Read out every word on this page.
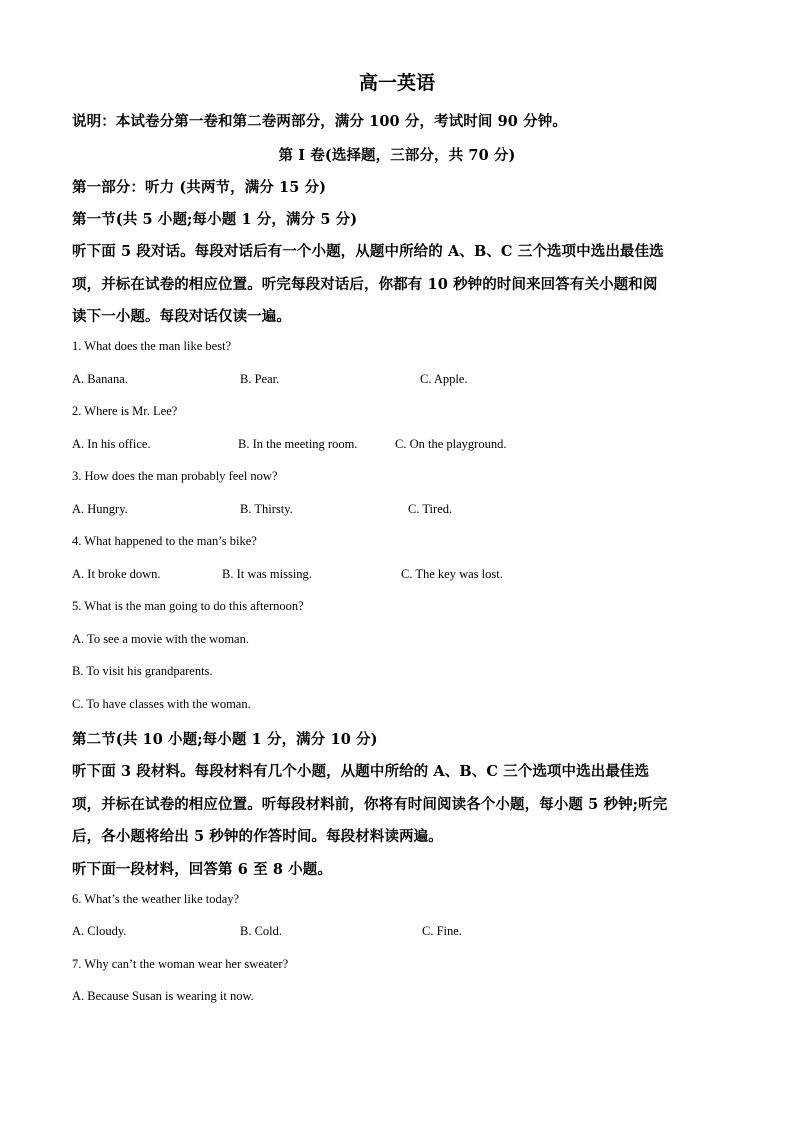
高一英语
说明：本试卷分第一卷和第二卷两部分，满分 100 分，考试时间 90 分钟。
第 I 卷(选择题，三部分，共 70 分)
第一部分：听力 (共两节，满分 15 分)
第一节(共 5 小题;每小题 1 分，满分 5 分)
听下面 5 段对话。每段对话后有一个小题，从题中所给的 A、B、C 三个选项中选出最佳选
项，并标在试卷的相应位置。听完每段对话后，你都有 10 秒钟的时间来回答有关小题和阅
读下一小题。每段对话仅读一遍。
1. What does the man like best?
A. Banana.	B. Pear.	C. Apple.
2. Where is Mr. Lee?
A. In his office.	B. In the meeting room.	C. On the playground.
3. How does the man probably feel now?
A. Hungry.	B. Thirsty.	C. Tired.
4. What happened to the man’s bike?
A. It broke down.	B. It was missing.	C. The key was lost.
5. What is the man going to do this afternoon?
A. To see a movie with the woman.
B. To visit his grandparents.
C. To have classes with the woman.
第二节(共 10 小题;每小题 1 分，满分 10 分)
听下面 3 段材料。每段材料有几个小题，从题中所给的 A、B、C 三个选项中选出最佳选
项，并标在试卷的相应位置。听每段材料前，你将有时间阅读各个小题，每小题 5 秒钟;听完
后，各小题将给出 5 秒钟的作答时间。每段材料读两遍。
听下面一段材料，回答第 6 至 8 小题。
6. What’s the weather like today?
A. Cloudy.	B. Cold.	C. Fine.
7. Why can’t the woman wear her sweater?
A. Because Susan is wearing it now.
